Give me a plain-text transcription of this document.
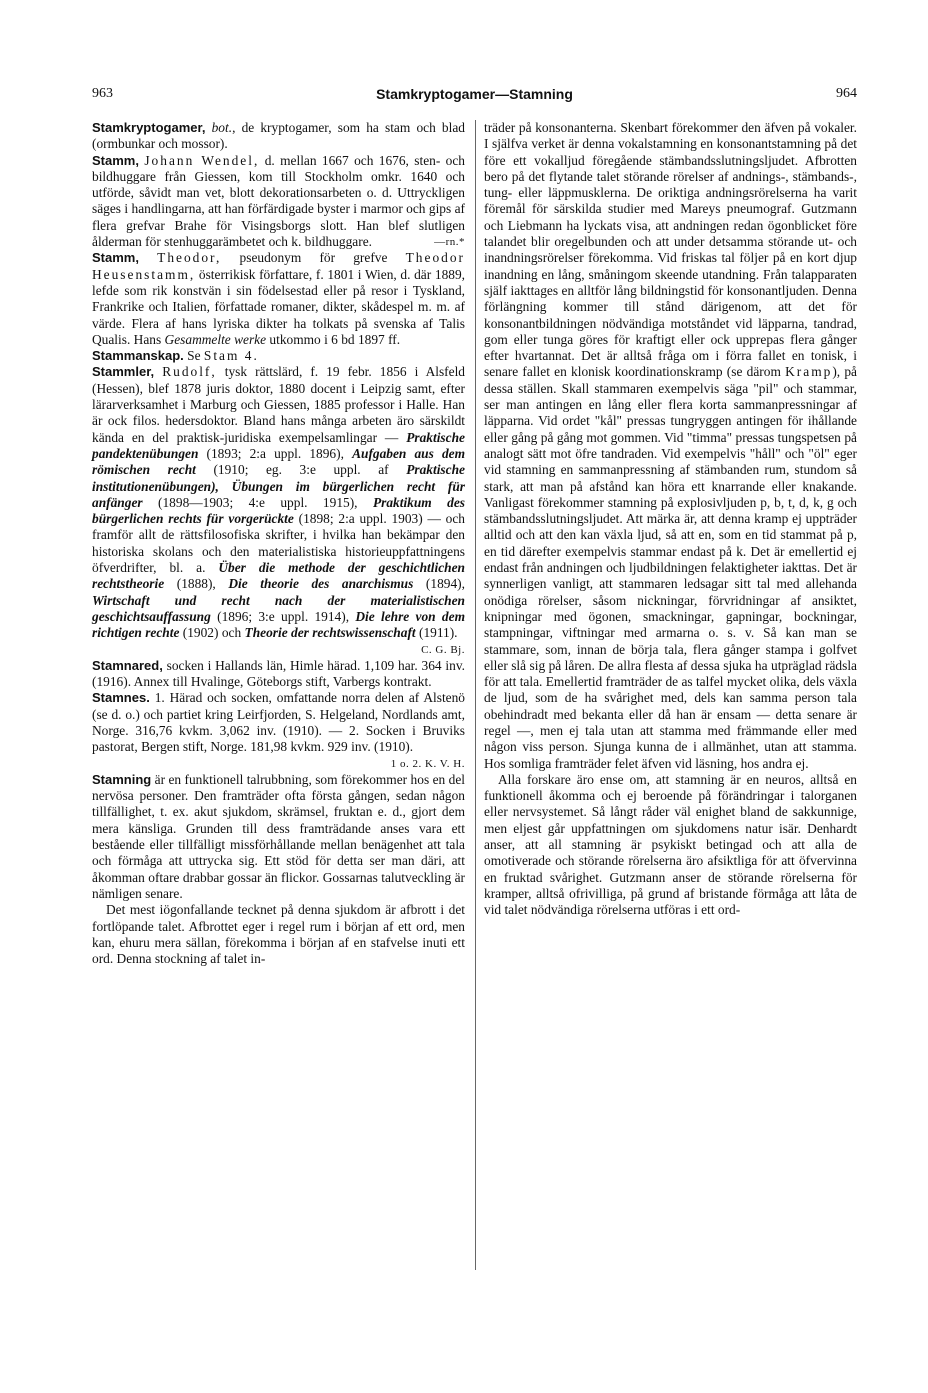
963	Stamkryptogamer—Stamning	964

Stamkryptogamer, bot., de kryptogamer, som ha stam och blad (ormbunkar och mossor).

Stamm, Johann Wendel, d. mellan 1667 och 1676, sten- och bildhuggare från Giessen, kom till Stockholm omkr. 1640 och utförde, såvidt man vet, blott dekorationsarbeten o. d. Uttryckligen säges i handlingarna, att han förfärdigade byster i marmor och gips af flera grefvar Brahe för Visingsborgs slott. Han blef slutligen ålderman för stenhuggarämbetet och k. bildhuggare.	—rn.*

Stamm, Theodor, pseudonym för grefve Theodor Heusenstamm, österrikisk författare, f. 1801 i Wien, d. där 1889, lefde som rik konstvän i sin födelsestad eller på resor i Tyskland, Frankrike och Italien, författade romaner, dikter, skådespel m. m. af värde. Flera af hans lyriska dikter ha tolkats på svenska af Talis Qualis. Hans Gesammelte werke utkommo i 6 bd 1897 ff.

Stammanskap. Se Stam 4.

Stammler, Rudolf, tysk rättslärd, f. 19 febr. 1856 i Alsfeld (Hessen), blef 1878 juris doktor, 1880 docent i Leipzig samt, efter lärarverksamhet i Marburg och Giessen, 1885 professor i Halle. Han är ock filos. hedersdoktor. Bland hans många arbeten äro särskildt kända en del praktisk-juridiska exempelsamlingar — Praktische pandektenübungen (1893; 2:a uppl. 1896), Aufgaben aus dem römischen recht (1910; eg. 3:e uppl. af Praktische institutionenübungen), Übungen im bürgerlichen recht für anfänger (1898—1903; 4:e uppl. 1915), Praktikum des bürgerlichen rechts für vorgerückte (1898; 2:a uppl. 1903) — och framför allt de rättsfilosofiska skrifter, i hvilka han bekämpar den historiska skolans och den materialistiska historieuppfattningens öfverdrifter, bl. a. Über die methode der geschichtlichen rechtstheorie (1888), Die theorie des anarchismus (1894), Wirtschaft und recht nach der materialistischen geschichtsauffassung (1896; 3:e uppl. 1914), Die lehre von dem richtigen rechte (1902) och Theorie der rechtswissenschaft (1911).
C. G. Bj.

Stamnared, socken i Hallands län, Himle härad. 1,109 har. 364 inv. (1916). Annex till Hvalinge, Göteborgs stift, Varbergs kontrakt.

Stamnes. 1. Härad och socken, omfattande norra delen af Alstenö (se d. o.) och partiet kring Leirfjorden, S. Helgeland, Nordlands amt, Norge. 316,76 kvkm. 3,062 inv. (1910). — 2. Socken i Bruviks pastorat, Bergen stift, Norge. 181,98 kvkm. 929 inv. (1910).
1 o. 2. K. V. H.

Stamning är en funktionell talrubbning, som förekommer hos en del nervösa personer. Den framträder ofta första gången, sedan någon tillfällighet, t. ex. akut sjukdom, skrämsel, fruktan e. d., gjort dem mera känsliga. Grunden till dess framträdande anses vara ett bestående eller tillfälligt missförhållande mellan benägenhet att tala och förmåga att uttrycka sig. Ett stöd för detta ser man däri, att åkomman oftare drabbar gossar än flickor. Gossarnas talutveckling är nämligen senare.

Det mest iögonfallande tecknet på denna sjukdom är afbrott i det fortlöpande talet. Afbrottet eger i regel rum i början af ett ord, men kan, ehuru mera sällan, förekomma i början af en stafvelse inuti ett ord. Denna stockning af talet in-

träder på konsonanterna. Skenbart förekommer den äfven på vokaler. I själfva verket är denna vokalstamning en konsonantstamning på det före ett vokalljud föregående stämbandsslutningsljudet. Afbrotten bero på det flytande talet störande rörelser af andnings-, stämbands-, tung- eller läppmusklerna. De oriktiga andningsrörelserna ha varit föremål för särskilda studier med Mareys pneumograf. Gutzmann och Liebmann ha lyckats visa, att andningen redan ögonblicket före talandet blir oregelbunden och att under detsamma störande ut- och inandningsrörelser förekomma. Vid friskas tal följer på en kort djup inandning en lång, småningom skeende utandning. Från talapparaten själf iakttages en alltför lång bildningstid för konsonantljuden. Denna förlängning kommer till stånd därigenom, att det för konsonantbildningen nödvändiga motståndet vid läpparna, tandrad, gom eller tunga göres för kraftigt eller ock upprepas flera gånger efter hvartannat. Det är alltså fråga om i förra fallet en tonisk, i senare fallet en klonisk koordinationskramp (se därom Kramp), på dessa ställen. Skall stammaren exempelvis säga "pil" och stammar, ser man antingen en lång eller flera korta sammanpressningar af läpparna. Vid ordet "kål" pressas tungryggen antingen för ihållande eller gång på gång mot gommen. Vid "timma" pressas tungspetsen på analogt sätt mot öfre tandraden. Vid exempelvis "håll" och "öl" eger vid stamning en sammanpressning af stämbanden rum, stundom så stark, att man på afstånd kan höra ett knarrande eller knakande. Vanligast förekommer stamning på explosivljuden p, b, t, d, k, g och stämbandsslutningsljudet. Att märka är, att denna kramp ej uppträder alltid och att den kan växla ljud, så att en, som en tid stammat på p, en tid därefter exempelvis stammar endast på k. Det är emellertid ej endast från andningen och ljudbildningen felaktigheter iakttas. Det är synnerligen vanligt, att stammaren ledsagar sitt tal med allehanda onödiga rörelser, såsom nickningar, förvridningar af ansiktet, knipningar med ögonen, smackningar, gapningar, bockningar, stampningar, viftningar med armarna o. s. v. Så kan man se stammare, som, innan de börja tala, flera gånger stampa i golfvet eller slå sig på låren. De allra flesta af dessa sjuka ha utpräglad rädsla för att tala. Emellertid framträder de as talfel mycket olika, dels växla de ljud, som de ha svårighet med, dels kan samma person tala obehindradt med bekanta eller då han är ensam — detta senare är regel —, men ej tala utan att stamma med främmande eller med någon viss person. Sjunga kunna de i allmänhet, utan att stamma. Hos somliga framträder felet äfven vid läsning, hos andra ej.

Alla forskare äro ense om, att stamning är en neuros, alltså en funktionell åkomma och ej beroende på förändringar i talorganen eller nervsystemet. Så långt råder väl enighet bland de sakkunnige, men eljest går uppfattningen om sjukdomens natur isär. Denhardt anser, att all stamning är psykiskt betingad och att alla de omotiverade och störande rörelserna äro afsiktliga för att öfvervinna en fruktad svårighet. Gutzmann anser de störande rörelserna för kramper, alltså ofrivilliga, på grund af bristande förmåga att låta de vid talet nödvändiga rörelserna utföras i ett ord-
